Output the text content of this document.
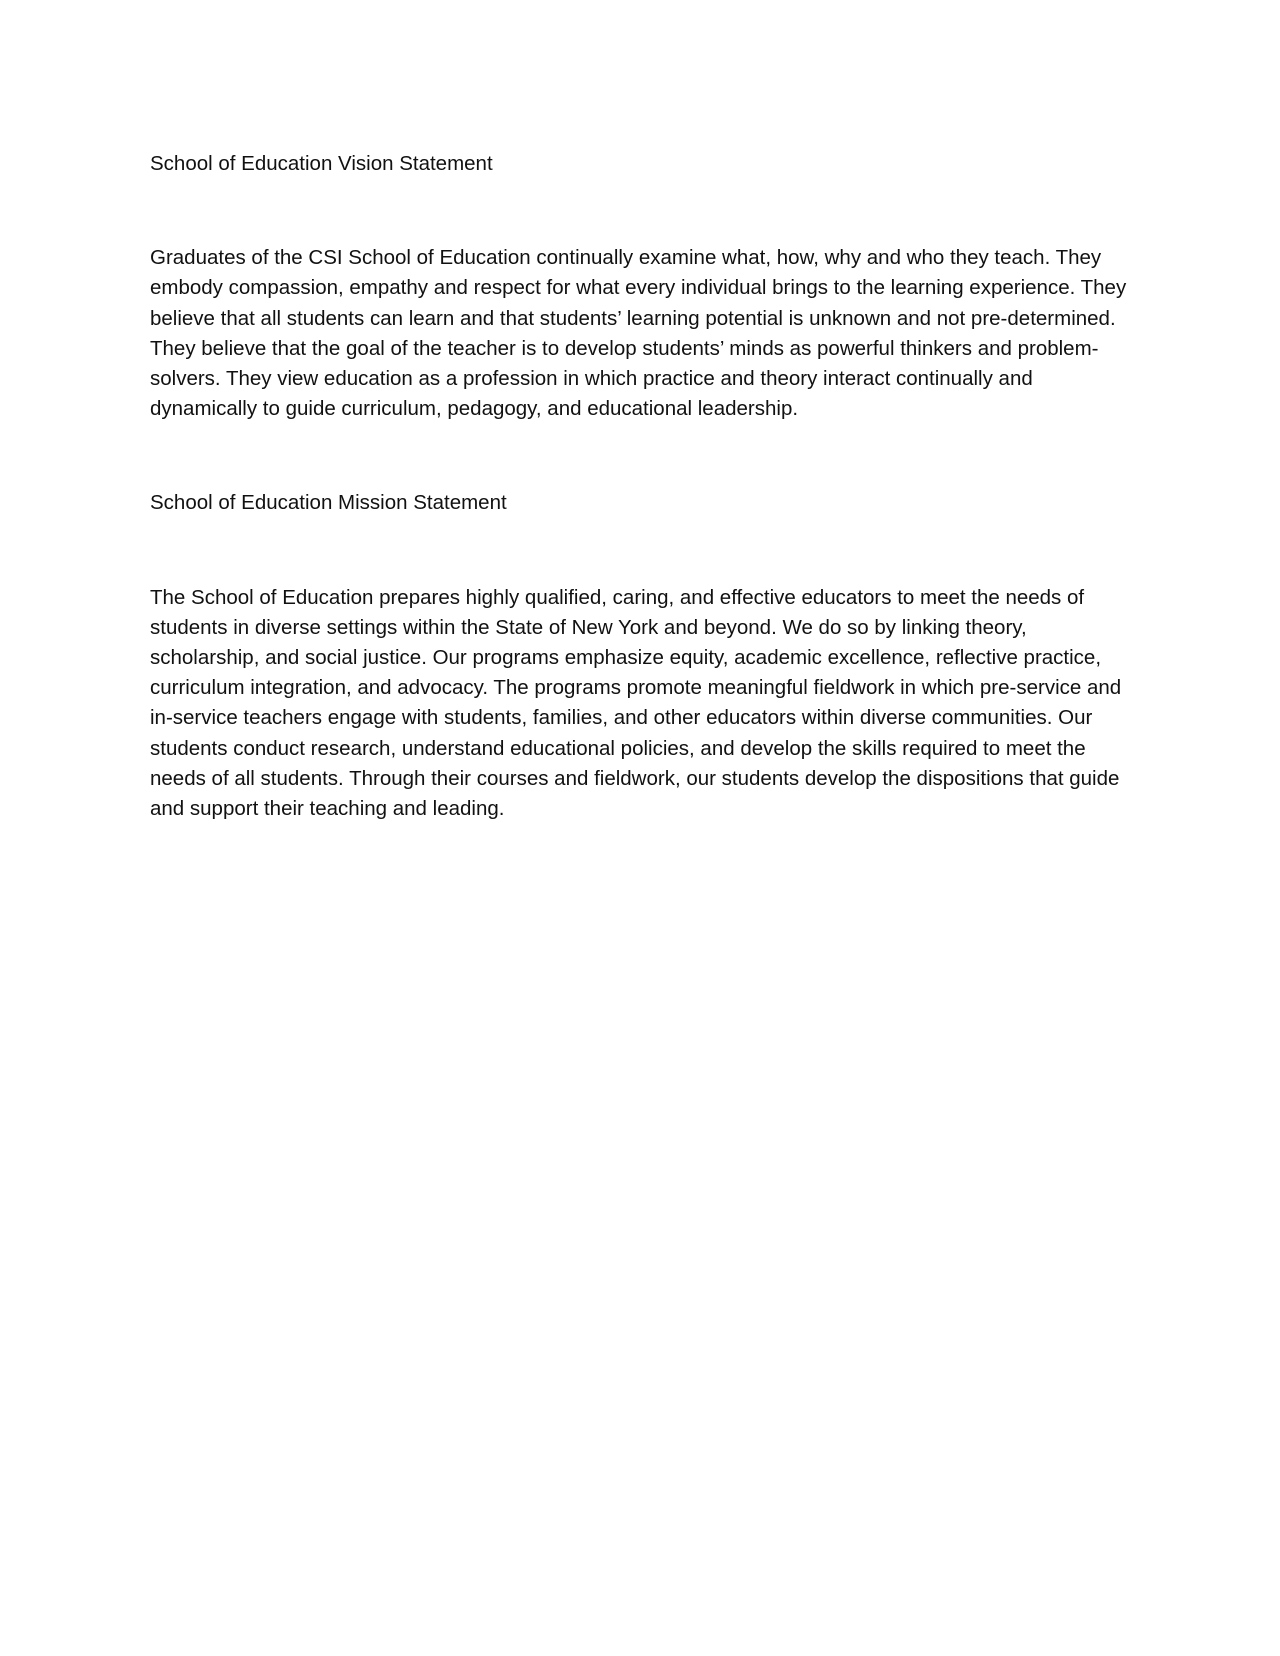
School of Education Vision Statement

Graduates of the CSI School of Education continually examine what, how, why and who they teach. They embody compassion, empathy and respect for what every individual brings to the learning experience. They believe that all students can learn and that students’ learning potential is unknown and not pre-determined. They believe that the goal of the teacher is to develop students’ minds as powerful thinkers and problem-solvers. They view education as a profession in which practice and theory interact continually and dynamically to guide curriculum, pedagogy, and educational leadership.

School of Education Mission Statement

The School of Education prepares highly qualified, caring, and effective educators to meet the needs of students in diverse settings within the State of New York and beyond. We do so by linking theory, scholarship, and social justice. Our programs emphasize equity, academic excellence, reflective practice, curriculum integration, and advocacy. The programs promote meaningful fieldwork in which pre-service and in-service teachers engage with students, families, and other educators within diverse communities. Our students conduct research, understand educational policies, and develop the skills required to meet the needs of all students. Through their courses and fieldwork, our students develop the dispositions that guide and support their teaching and leading.
